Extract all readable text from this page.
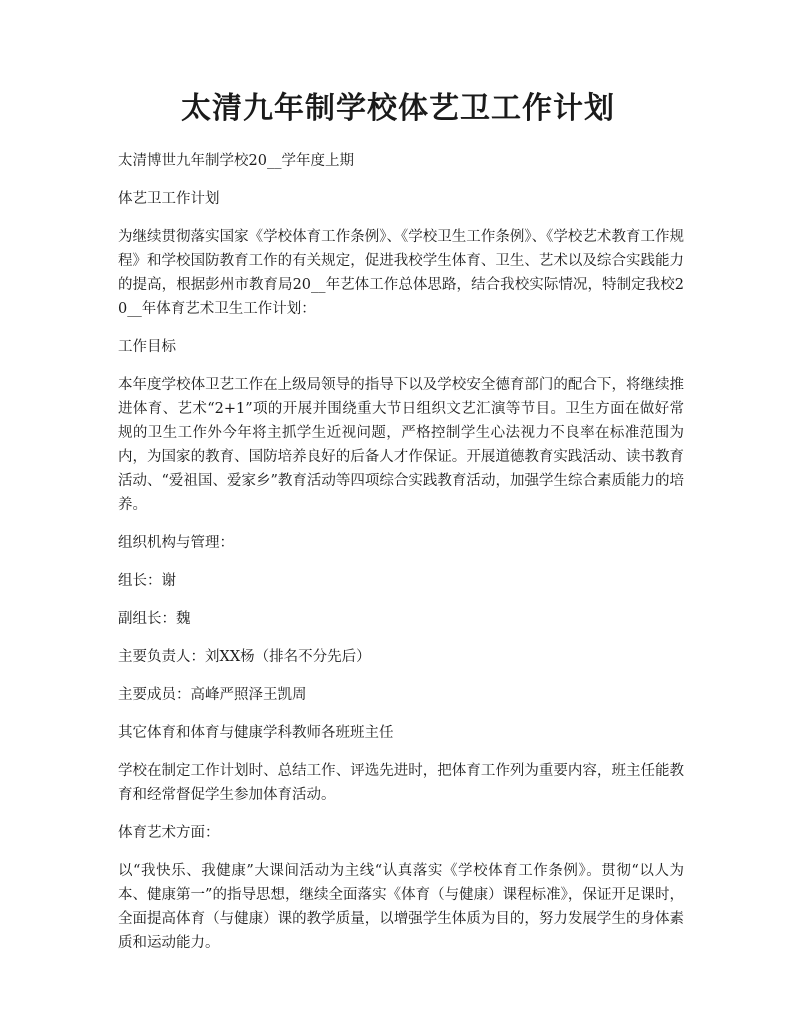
太清九年制学校体艺卫工作计划

太清博世九年制学校20__学年度上期

体艺卫工作计划

为继续贯彻落实国家《学校体育工作条例》、《学校卫生工作条例》、《学校艺术教育工作规程》和学校国防教育工作的有关规定，促进我校学生体育、卫生、艺术以及综合实践能力的提高，根据彭州市教育局20__年艺体工作总体思路，结合我校实际情况，特制定我校20__年体育艺术卫生工作计划：

工作目标

本年度学校体卫艺工作在上级局领导的指导下以及学校安全德育部门的配合下，将继续推进体育、艺术“2+1”项的开展并围绕重大节日组织文艺汇演等节目。卫生方面在做好常规的卫生工作外今年将主抓学生近视问题，严格控制学生心法视力不良率在标准范围为内，为国家的教育、国防培养良好的后备人才作保证。开展道德教育实践活动、读书教育活动、“爱祖国、爱家乡”教育活动等四项综合实践教育活动，加强学生综合素质能力的培养。

组织机构与管理：

组长：谢

副组长：魏

主要负责人：刘XX杨（排名不分先后）

主要成员：高峰严照泽王凯周

其它体育和体育与健康学科教师各班班主任

学校在制定工作计划时、总结工作、评选先进时，把体育工作列为重要内容，班主任能教育和经常督促学生参加体育活动。

体育艺术方面：

以“我快乐、我健康”大课间活动为主线“认真落实《学校体育工作条例》。贯彻“以人为本、健康第一”的指导思想，继续全面落实《体育（与健康）课程标准》，保证开足课时，全面提高体育（与健康）课的教学质量，以增强学生体质为目的，努力发展学生的身体素质和运动能力。
